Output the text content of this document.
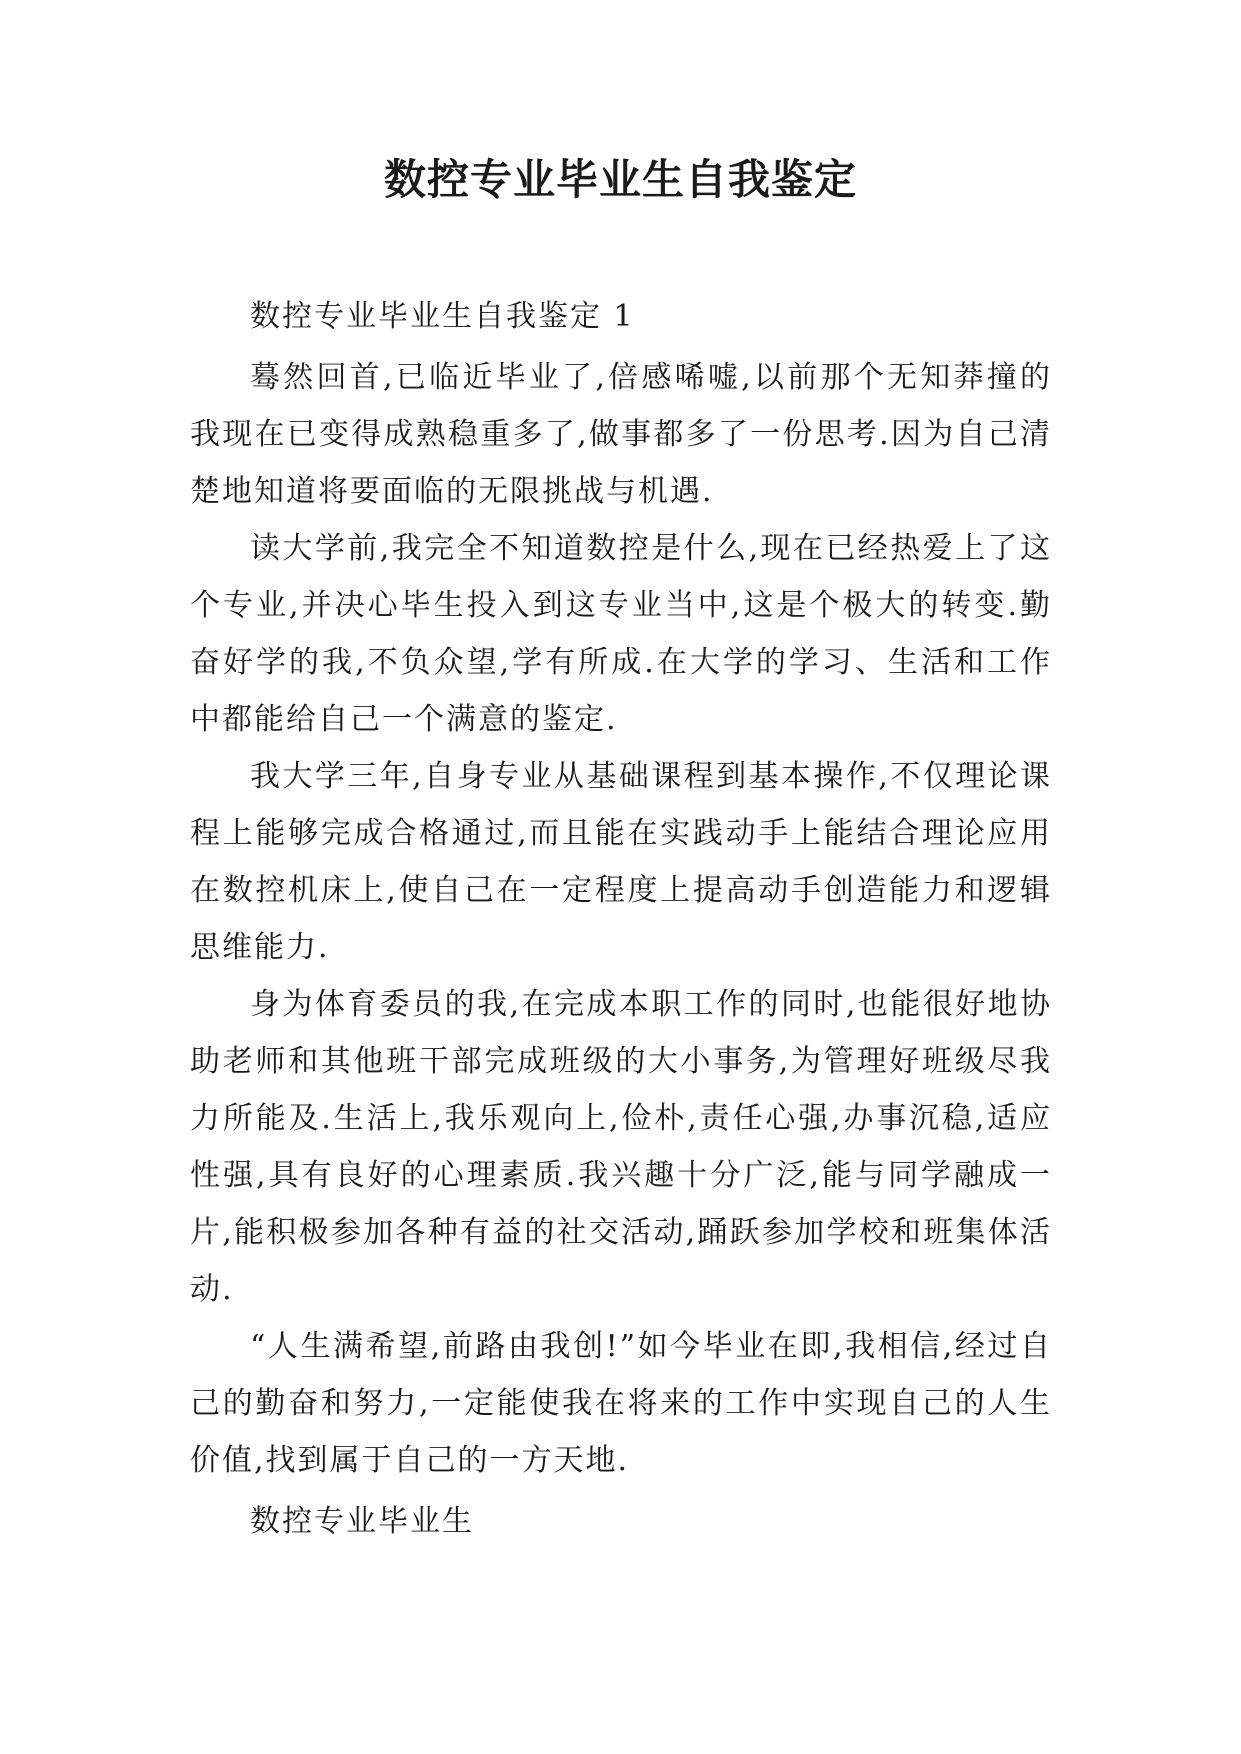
数控专业毕业生自我鉴定

数控专业毕业生自我鉴定 1

蓦然回首,已临近毕业了,倍感唏嘘,以前那个无知莽撞的我现在已变得成熟稳重多了,做事都多了一份思考.因为自己清楚地知道将要面临的无限挑战与机遇.

读大学前,我完全不知道数控是什么,现在已经热爱上了这个专业,并决心毕生投入到这专业当中,这是个极大的转变.勤奋好学的我,不负众望,学有所成.在大学的学习、生活和工作中都能给自己一个满意的鉴定.

我大学三年,自身专业从基础课程到基本操作,不仅理论课程上能够完成合格通过,而且能在实践动手上能结合理论应用在数控机床上,使自己在一定程度上提高动手创造能力和逻辑思维能力.

身为体育委员的我,在完成本职工作的同时,也能很好地协助老师和其他班干部完成班级的大小事务,为管理好班级尽我力所能及.生活上,我乐观向上,俭朴,责任心强,办事沉稳,适应性强,具有良好的心理素质.我兴趣十分广泛,能与同学融成一片,能积极参加各种有益的社交活动,踊跃参加学校和班集体活动.

“人生满希望,前路由我创!”如今毕业在即,我相信,经过自己的勤奋和努力,一定能使我在将来的工作中实现自己的人生价值,找到属于自己的一方天地.

数控专业毕业生
